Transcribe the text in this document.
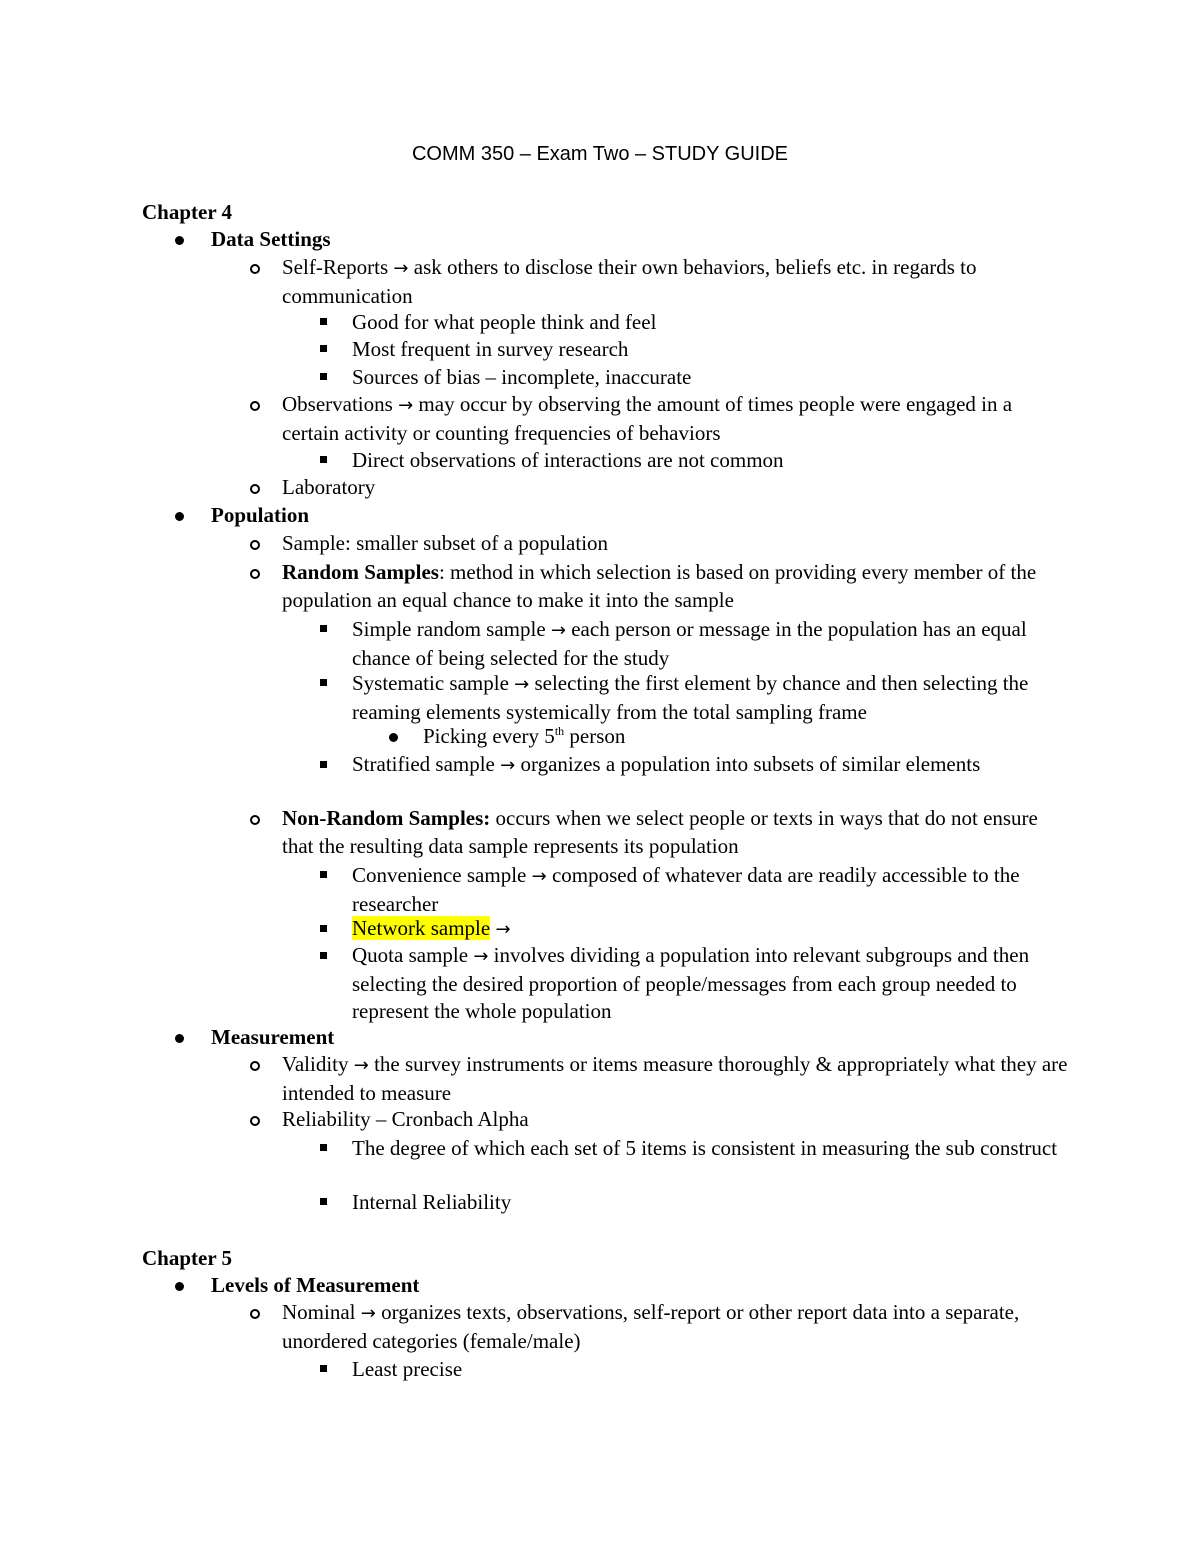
COMM 350 – Exam Two – STUDY GUIDE
Chapter 4
Data Settings
Self-Reports → ask others to disclose their own behaviors, beliefs etc. in regards to communication
Good for what people think and feel
Most frequent in survey research
Sources of bias – incomplete, inaccurate
Observations → may occur by observing the amount of times people were engaged in a certain activity or counting frequencies of behaviors
Direct observations of interactions are not common
Laboratory
Population
Sample: smaller subset of a population
Random Samples: method in which selection is based on providing every member of the population an equal chance to make it into the sample
Simple random sample → each person or message in the population has an equal chance of being selected for the study
Systematic sample → selecting the first element by chance and then selecting the reaming elements systemically from the total sampling frame
Picking every 5th person
Stratified sample → organizes a population into subsets of similar elements
Non-Random Samples: occurs when we select people or texts in ways that do not ensure that the resulting data sample represents its population
Convenience sample → composed of whatever data are readily accessible to the researcher
Network sample →
Quota sample → involves dividing a population into relevant subgroups and then selecting the desired proportion of people/messages from each group needed to represent the whole population
Measurement
Validity → the survey instruments or items measure thoroughly & appropriately what they are intended to measure
Reliability – Cronbach Alpha
The degree of which each set of 5 items is consistent in measuring the sub construct
Internal Reliability
Chapter 5
Levels of Measurement
Nominal → organizes texts, observations, self-report or other report data into a separate, unordered categories (female/male)
Least precise
